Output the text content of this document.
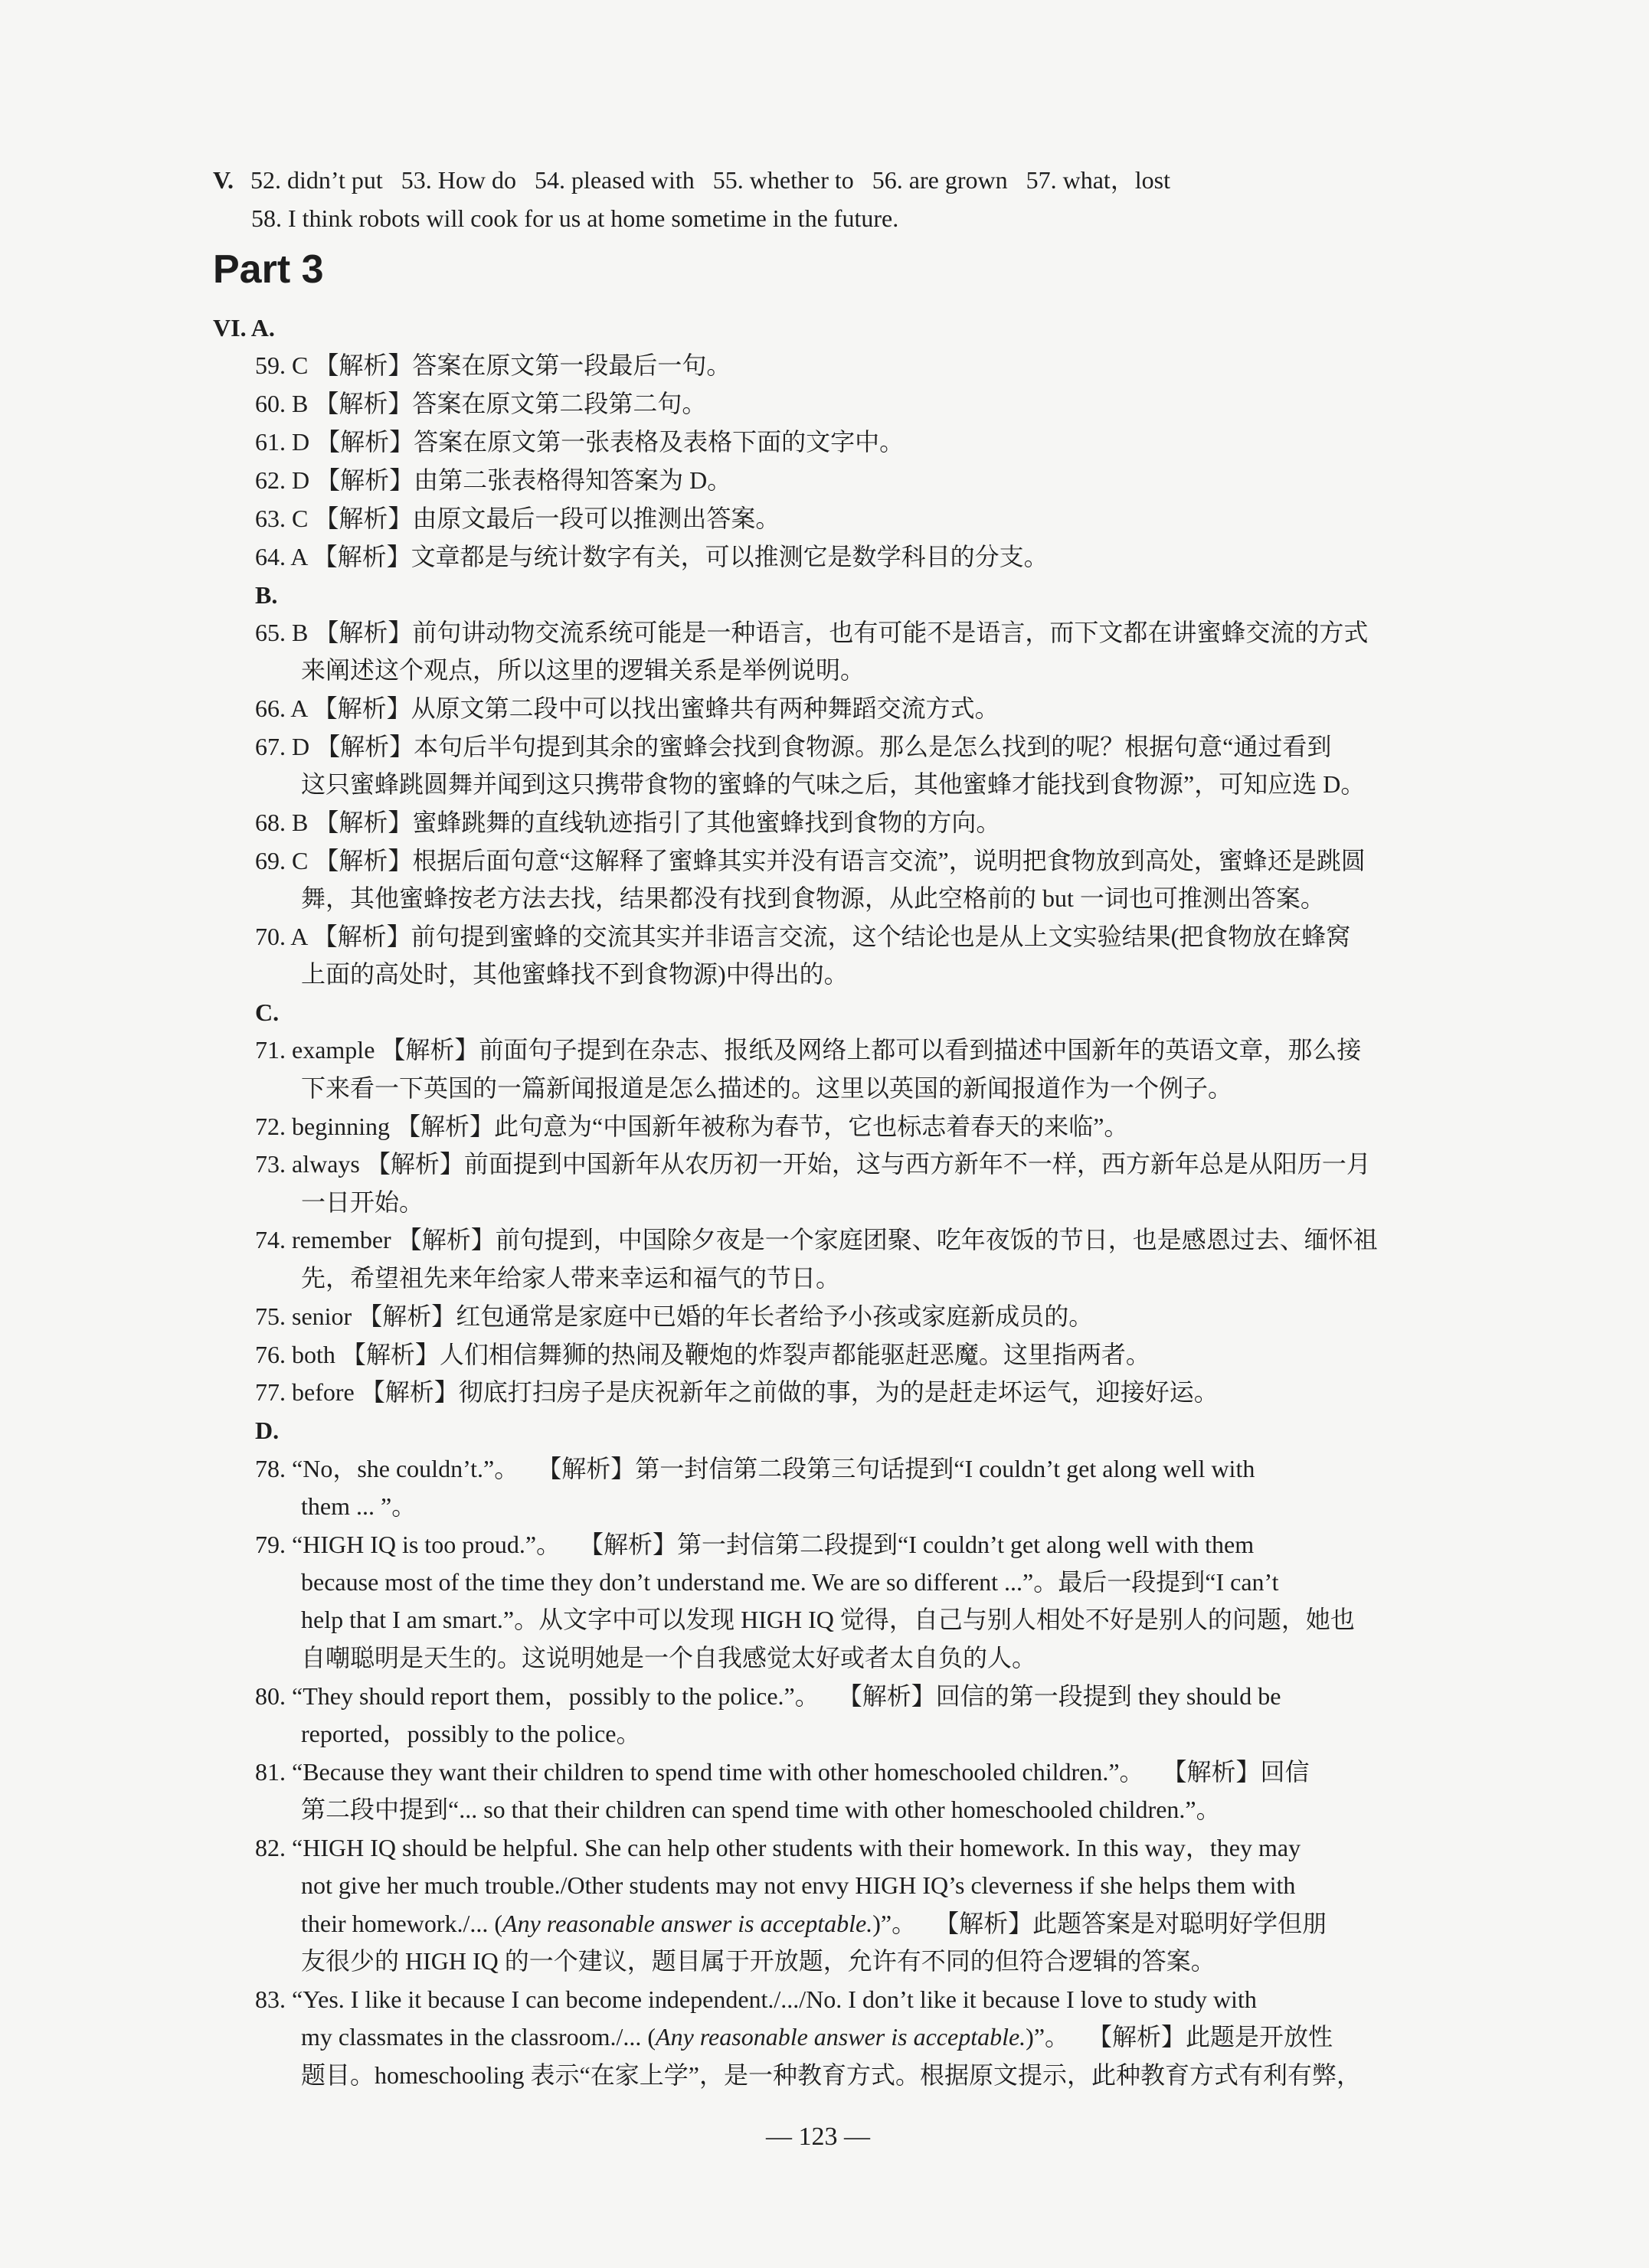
V. 52. didn’t put   53. How do   54. pleased with   55. whether to   56. are grown   57. what，lost
58. I think robots will cook for us at home sometime in the future.
Part 3
VI. A.
59. C 【解析】答案在原文第一段最后一句。
60. B 【解析】答案在原文第二段第二句。
61. D 【解析】答案在原文第一张表格及表格下面的文字中。
62. D 【解析】由第二张表格得知答案为 D。
63. C 【解析】由原文最后一段可以推测出答案。
64. A 【解析】文章都是与统计数字有关，可以推测它是数学科目的分支。
B.
65. B 【解析】前句讲动物交流系统可能是一种语言，也有可能不是语言，而下文都在讲蜜蜂交流的方式
来阐述这个观点，所以这里的逻辑关系是举例说明。
66. A 【解析】从原文第二段中可以找出蜜蜂共有两种舞蹈交流方式。
67. D 【解析】本句后半句提到其余的蜜蜂会找到食物源。那么是怎么找到的呢？根据句意“通过看到
这只蜜蜂跳圆舞并闻到这只携带食物的蜜蜂的气味之后，其他蜜蜂才能找到食物源”，可知应选 D。
68. B 【解析】蜜蜂跳舞的直线轨迹指引了其他蜜蜂找到食物的方向。
69. C 【解析】根据后面句意“这解释了蜜蜂其实并没有语言交流”，说明把食物放到高处，蜜蜂还是跳圆
舞，其他蜜蜂按老方法去找，结果都没有找到食物源，从此空格前的 but 一词也可推测出答案。
70. A 【解析】前句提到蜜蜂的交流其实并非语言交流，这个结论也是从上文实验结果(把食物放在蜂窝
上面的高处时，其他蜜蜂找不到食物源)中得出的。
C.
71. example 【解析】前面句子提到在杂志、报纸及网络上都可以看到描述中国新年的英语文章，那么接
下来看一下英国的一篇新闻报道是怎么描述的。这里以英国的新闻报道作为一个例子。
72. beginning 【解析】此句意为“中国新年被称为春节，它也标志着春天的来临”。
73. always 【解析】前面提到中国新年从农历初一开始，这与西方新年不一样，西方新年总是从阳历一月
一日开始。
74. remember 【解析】前句提到，中国除夕夜是一个家庭团聚、吃年夜饭的节日，也是感恩过去、缅怀祖
先，希望祖先来年给家人带来幸运和福气的节日。
75. senior 【解析】红包通常是家庭中已婚的年长者给予小孩或家庭新成员的。
76. both 【解析】人们相信舞狮的热闹及鞭炮的炸裂声都能驱赶恶魔。这里指两者。
77. before 【解析】彻底打扫房子是庆祝新年之前做的事，为的是赶走坏运气，迎接好运。
D.
78. “No，she couldn’t.”。   【解析】第一封信第二段第三句话提到“I couldn’t get along well with
them ... ”。
79. “HIGH IQ is too proud.”。   【解析】第一封信第二段提到“I couldn’t get along well with them
because most of the time they don’t understand me. We are so different ...”。最后一段提到“I can’t
help that I am smart.”。从文字中可以发现 HIGH IQ 觉得，自己与别人相处不好是别人的问题，她也
自嘲聪明是天生的。这说明她是一个自我感觉太好或者太自负的人。
80. “They should report them，possibly to the police.”。   【解析】回信的第一段提到 they should be
reported，possibly to the police。
81. “Because they want their children to spend time with other homeschooled children.”。   【解析】回信
第二段中提到“... so that their children can spend time with other homeschooled children.”。
82. “HIGH IQ should be helpful. She can help other students with their homework. In this way，they may
not give her much trouble./Other students may not envy HIGH IQ’s cleverness if she helps them with
their homework./... (Any reasonable answer is acceptable.)”。   【解析】此题答案是对聪明好学但朋
友很少的 HIGH IQ 的一个建议，题目属于开放题，允许有不同的但符合逻辑的答案。
83. “Yes. I like it because I can become independent./.../No. I don’t like it because I love to study with
my classmates in the classroom./... (Any reasonable answer is acceptable.)”。   【解析】此题是开放性
题目。homeschooling 表示“在家上学”，是一种教育方式。根据原文提示，此种教育方式有利有弊，
— 123 —
